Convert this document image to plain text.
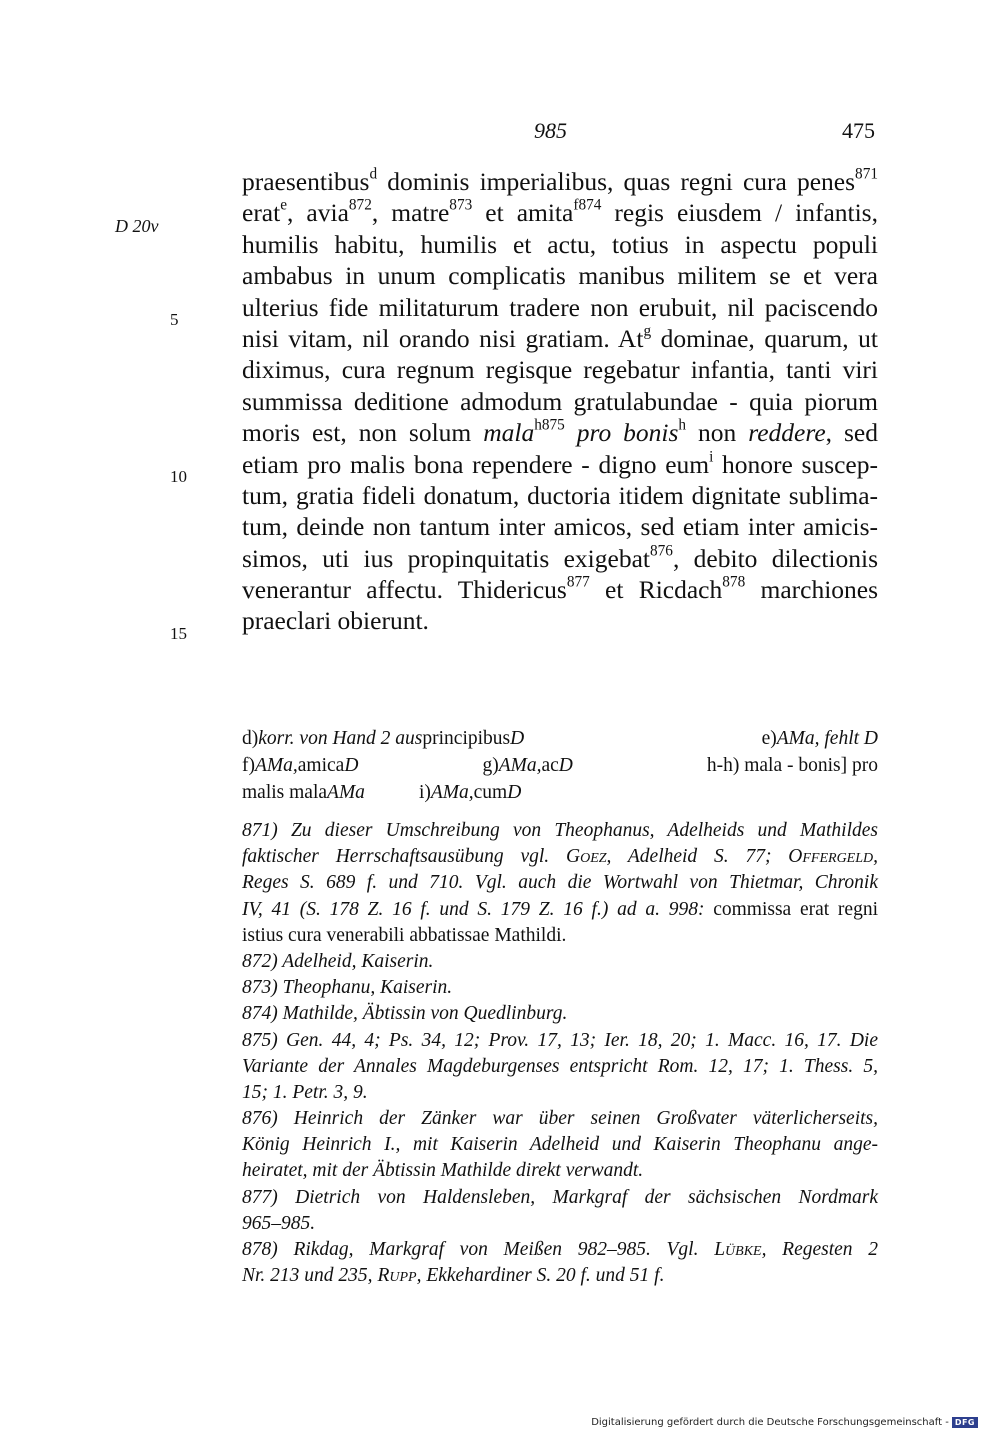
985	475
D 20v
5
10
15
praesentibus$^d$ dominis imperialibus, quas regni cura penes$^{871}$
erat$^e$, avia$^{872}$, matre$^{873}$ et amita$^{f874}$ regis eiusdem / infantis,
humilis habitu, humilis et actu, totius in aspectu populi
ambabus in unum complicatis manibus militem se et vera
ulterius fide militaturum tradere non erubuit, nil paciscendo
nisi vitam, nil orando nisi gratiam. At$^g$ dominae, quarum, ut
diximus, cura regnum regisque regebatur infantia, tanti viri
summissa deditione admodum gratulabundae - quia piorum
moris est, non solum mala$^{h875}$ pro bonis$^h$ non reddere, sed
etiam pro malis bona rependere - digno eum$^i$ honore suscep-
tum, gratia fideli donatum, ductoria itidem dignitate sublima-
tum, deinde non tantum inter amicos, sed etiam inter amicis-
simos, uti ius propinquitatis exigebat$^{876}$, debito dilectionis
venerantur affectu. Thidericus$^{877}$ et Ricdach$^{878}$ marchiones
praeclari obierunt.
d)korr. von Hand 2 ausprincipibusD	e)AMa, fehlt D
f)AMa,amicaD	g)AMa,acD	h-h) mala - bonis] pro
malis malaAMa	i)AMa,cumD
871) Zu dieser Umschreibung von Theophanus, Adelheids und Mathildes
faktischer Herrschaftsausübung vgl. Goez, Adelheid S. 77; Offergeld,
Reges S. 689 f. und 710. Vgl. auch die Wortwahl von Thietmar, Chronik
IV, 41 (S. 178 Z. 16 f. und S. 179 Z. 16 f.) ad a. 998: commissa erat regni
istius cura venerabili abbatissae Mathildi.
872) Adelheid, Kaiserin.
873) Theophanu, Kaiserin.
874) Mathilde, Äbtissin von Quedlinburg.
875) Gen. 44, 4; Ps. 34, 12; Prov. 17, 13; Ier. 18, 20; 1. Macc. 16, 17. Die
Variante der Annales Magdeburgenses entspricht Rom. 12, 17; 1. Thess. 5,
15; 1. Petr. 3, 9.
876) Heinrich der Zänker war über seinen Großvater väterlicherseits,
König Heinrich I., mit Kaiserin Adelheid und Kaiserin Theophanu ange-
heiratet, mit der Äbtissin Mathilde direkt verwandt.
877) Dietrich von Haldensleben, Markgraf der sächsischen Nordmark
965–985.
878) Rikdag, Markgraf von Meißen 982–985. Vgl. Lübke, Regesten 2
Nr. 213 und 235, Rupp, Ekkehardiner S. 20 f. und 51 f.
Digitalisierung gefördert durch die Deutsche Forschungsgemeinschaft - DFG
